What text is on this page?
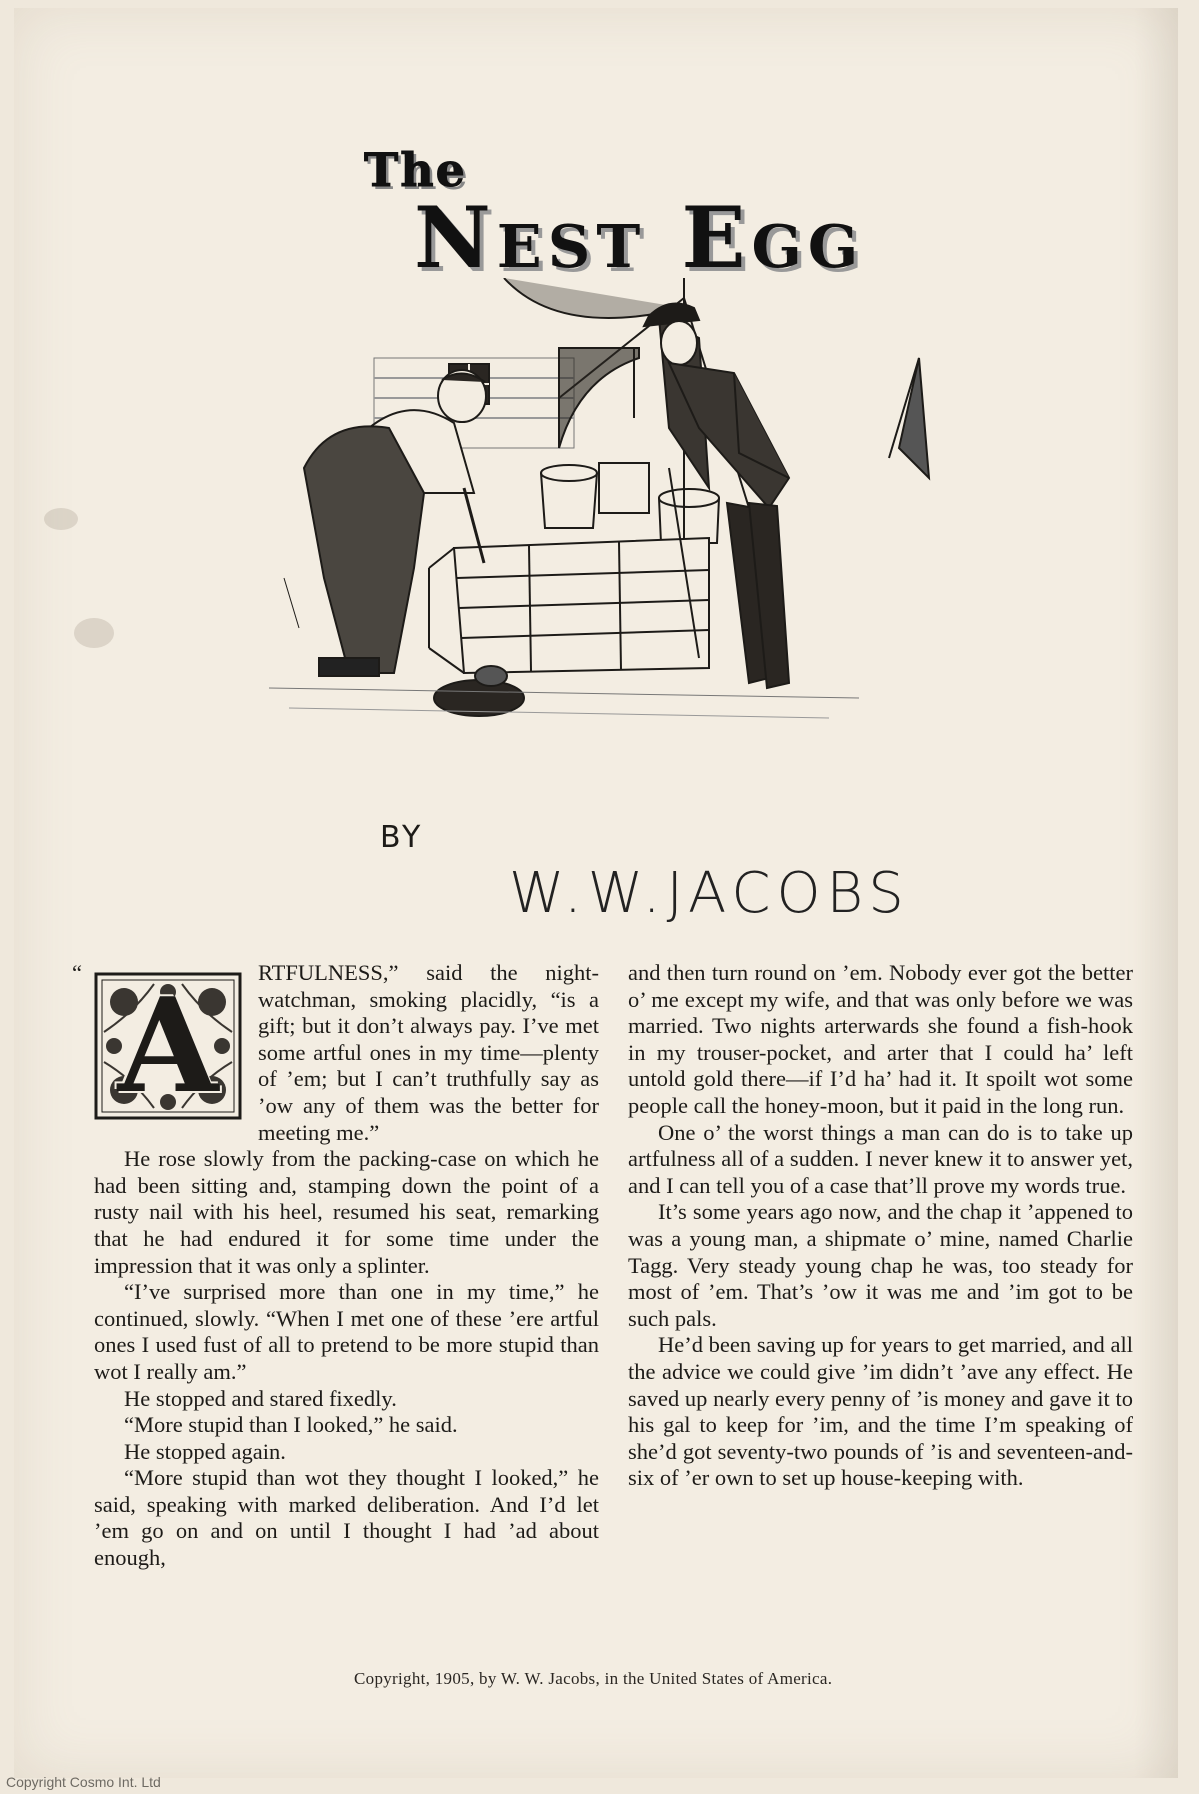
The
Nest Egg
BY
W.W.JACOBS

“ A	RTFULNESS,” said the night-watchman, smoking placidly, “is a gift; but it don’t always pay. I’ve met some artful ones in my time—plenty of ’em; but I can’t truthfully say as ’ow any of them was the better for meeting me.”

He rose slowly from the packing-case on which he had been sitting and, stamping down the point of a rusty nail with his heel, resumed his seat, remarking that he had endured it for some time under the impression that it was only a splinter.

“I’ve surprised more than one in my time,” he continued, slowly. “When I met one of these ’ere artful ones I used fust of all to pretend to be more stupid than wot I really am.”

He stopped and stared fixedly.

“More stupid than I looked,” he said.

He stopped again.

“More stupid than wot they thought I looked,” he said, speaking with marked deliberation. And I’d let ’em go on and on until I thought I had ’ad about enough,

and then turn round on ’em. Nobody ever got the better o’ me except my wife, and that was only before we was married. Two nights arterwards she found a fish-hook in my trouser-pocket, and arter that I could ha’ left untold gold there—if I’d ha’ had it. It spoilt wot some people call the honey-moon, but it paid in the long run.

One o’ the worst things a man can do is to take up artfulness all of a sudden. I never knew it to answer yet, and I can tell you of a case that’ll prove my words true.

It’s some years ago now, and the chap it ’appened to was a young man, a shipmate o’ mine, named Charlie Tagg. Very steady young chap he was, too steady for most of ’em. That’s ’ow it was me and ’im got to be such pals.

He’d been saving up for years to get married, and all the advice we could give ’im didn’t ’ave any effect. He saved up nearly every penny of ’is money and gave it to his gal to keep for ’im, and the time I’m speaking of she’d got seventy-two pounds of ’is and seventeen-and-six of ’er own to set up house-keeping with.

Copyright, 1905, by W. W. Jacobs, in the United States of America.
Copyright Cosmo Int. Ltd
